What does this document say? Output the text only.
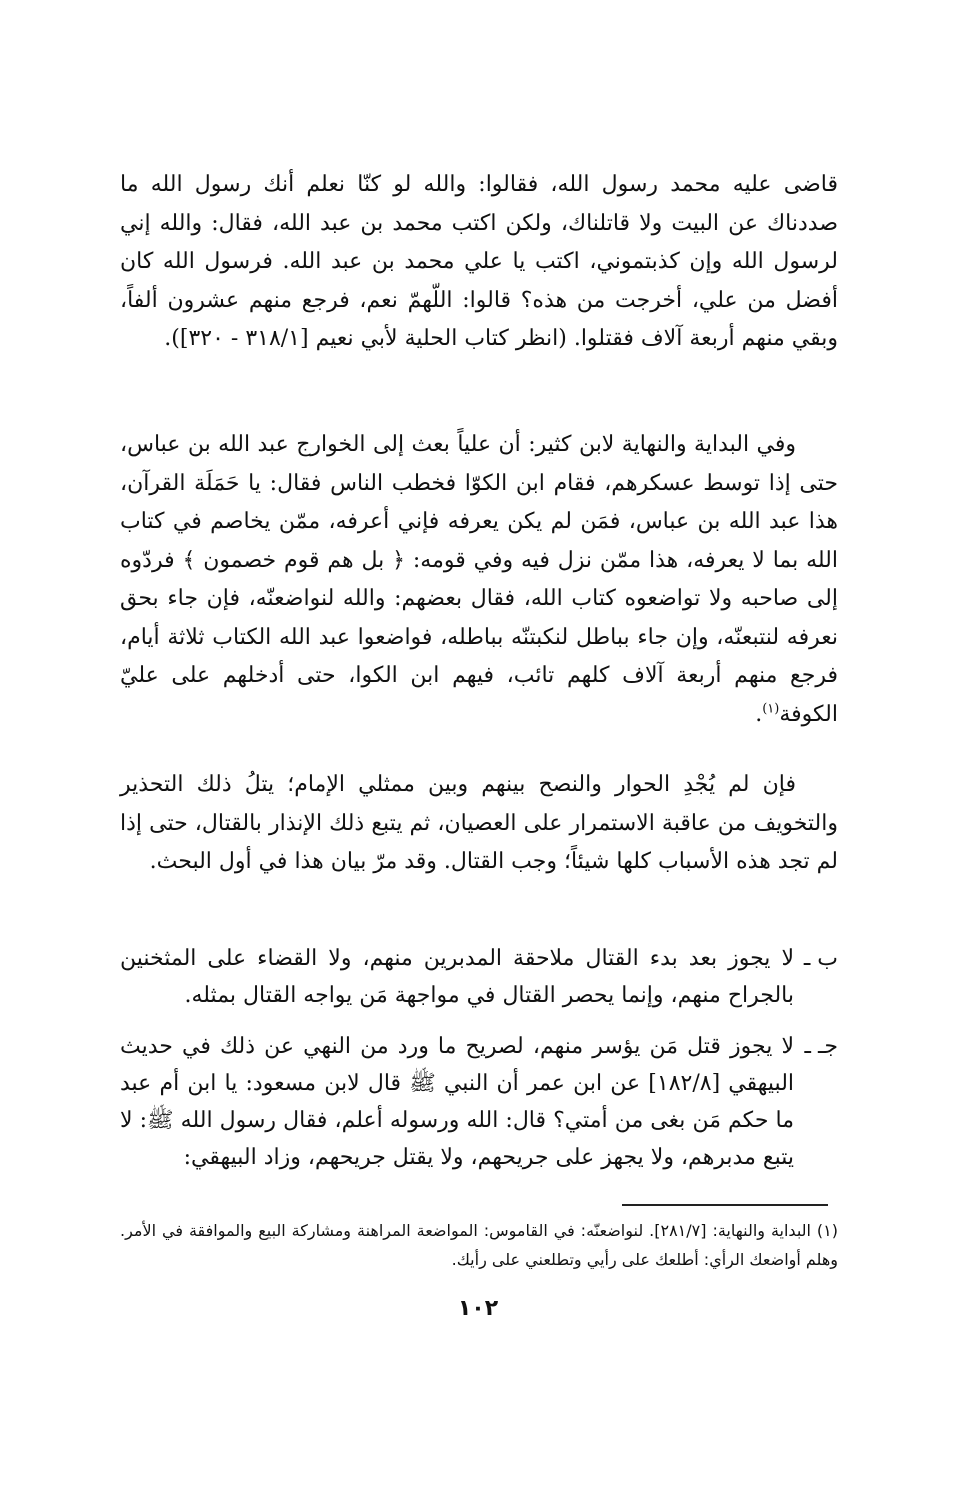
قاضى عليه محمد رسول الله، فقالوا: والله لو كنّا نعلم أنك رسول الله ما صددناك عن البيت ولا قاتلناك، ولكن اكتب محمد بن عبد الله، فقال: والله إني لرسول الله وإن كذبتموني، اكتب يا علي محمد بن عبد الله. فرسول الله كان أفضل من علي، أخرجت من هذه؟ قالوا: اللّهمّ نعم، فرجع منهم عشرون ألفاً، وبقي منهم أربعة آلاف فقتلوا. (انظر كتاب الحلية لأبي نعيم [٣١٨/١ - ٣٢٠]).

وفي البداية والنهاية لابن كثير: أن علياً بعث إلى الخوارج عبد الله بن عباس، حتى إذا توسط عسكرهم، فقام ابن الكوّا فخطب الناس فقال: يا حَمَلَة القرآن، هذا عبد الله بن عباس، فمَن لم يكن يعرفه فإني أعرفه، ممّن يخاصم في كتاب الله بما لا يعرفه، هذا ممّن نزل فيه وفي قومه: ﴿ بل هم قوم خصمون ﴾ فردّوه إلى صاحبه ولا تواضعوه كتاب الله، فقال بعضهم: والله لنواضعنّه، فإن جاء بحق نعرفه لنتبعنّه، وإن جاء بباطل لنكبتنّه بباطله، فواضعوا عبد الله الكتاب ثلاثة أيام، فرجع منهم أربعة آلاف كلهم تائب، فيهم ابن الكوا، حتى أدخلهم على عليّ الكوفة$^{(١)}$.

فإن لم يُجْدِ الحوار والنصح بينهم وبين ممثلي الإمام؛ يتلُ ذلك التحذير والتخويف من عاقبة الاستمرار على العصيان، ثم يتبع ذلك الإنذار بالقتال، حتى إذا لم تجد هذه الأسباب كلها شيئاً؛ وجب القتال. وقد مرّ بيان هذا في أول البحث.

ب ـ
لا يجوز بعد بدء القتال ملاحقة المدبرين منهم، ولا القضاء على المثخنين بالجراح منهم، وإنما يحصر القتال في مواجهة مَن يواجه القتال بمثله.

جـ ـ
لا يجوز قتل مَن يؤسر منهم، لصريح ما ورد من النهي عن ذلك في حديث البيهقي [١٨٢/٨] عن ابن عمر أن النبي ﷺ قال لابن مسعود: يا ابن أم عبد ما حكم مَن بغى من أمتي؟ قال: الله ورسوله أعلم، فقال رسول الله ﷺ: لا يتبع مدبرهم، ولا يجهز على جريحهم، ولا يقتل جريحهم، وزاد البيهقي:

(١) البداية والنهاية: [٢٨١/٧]. لنواضعنّه: في القاموس: المواضعة المراهنة ومشاركة البيع والموافقة في الأمر. وهلم أواضعك الرأي: أطلعك على رأيي وتطلعني على رأيك.

١٠٢
